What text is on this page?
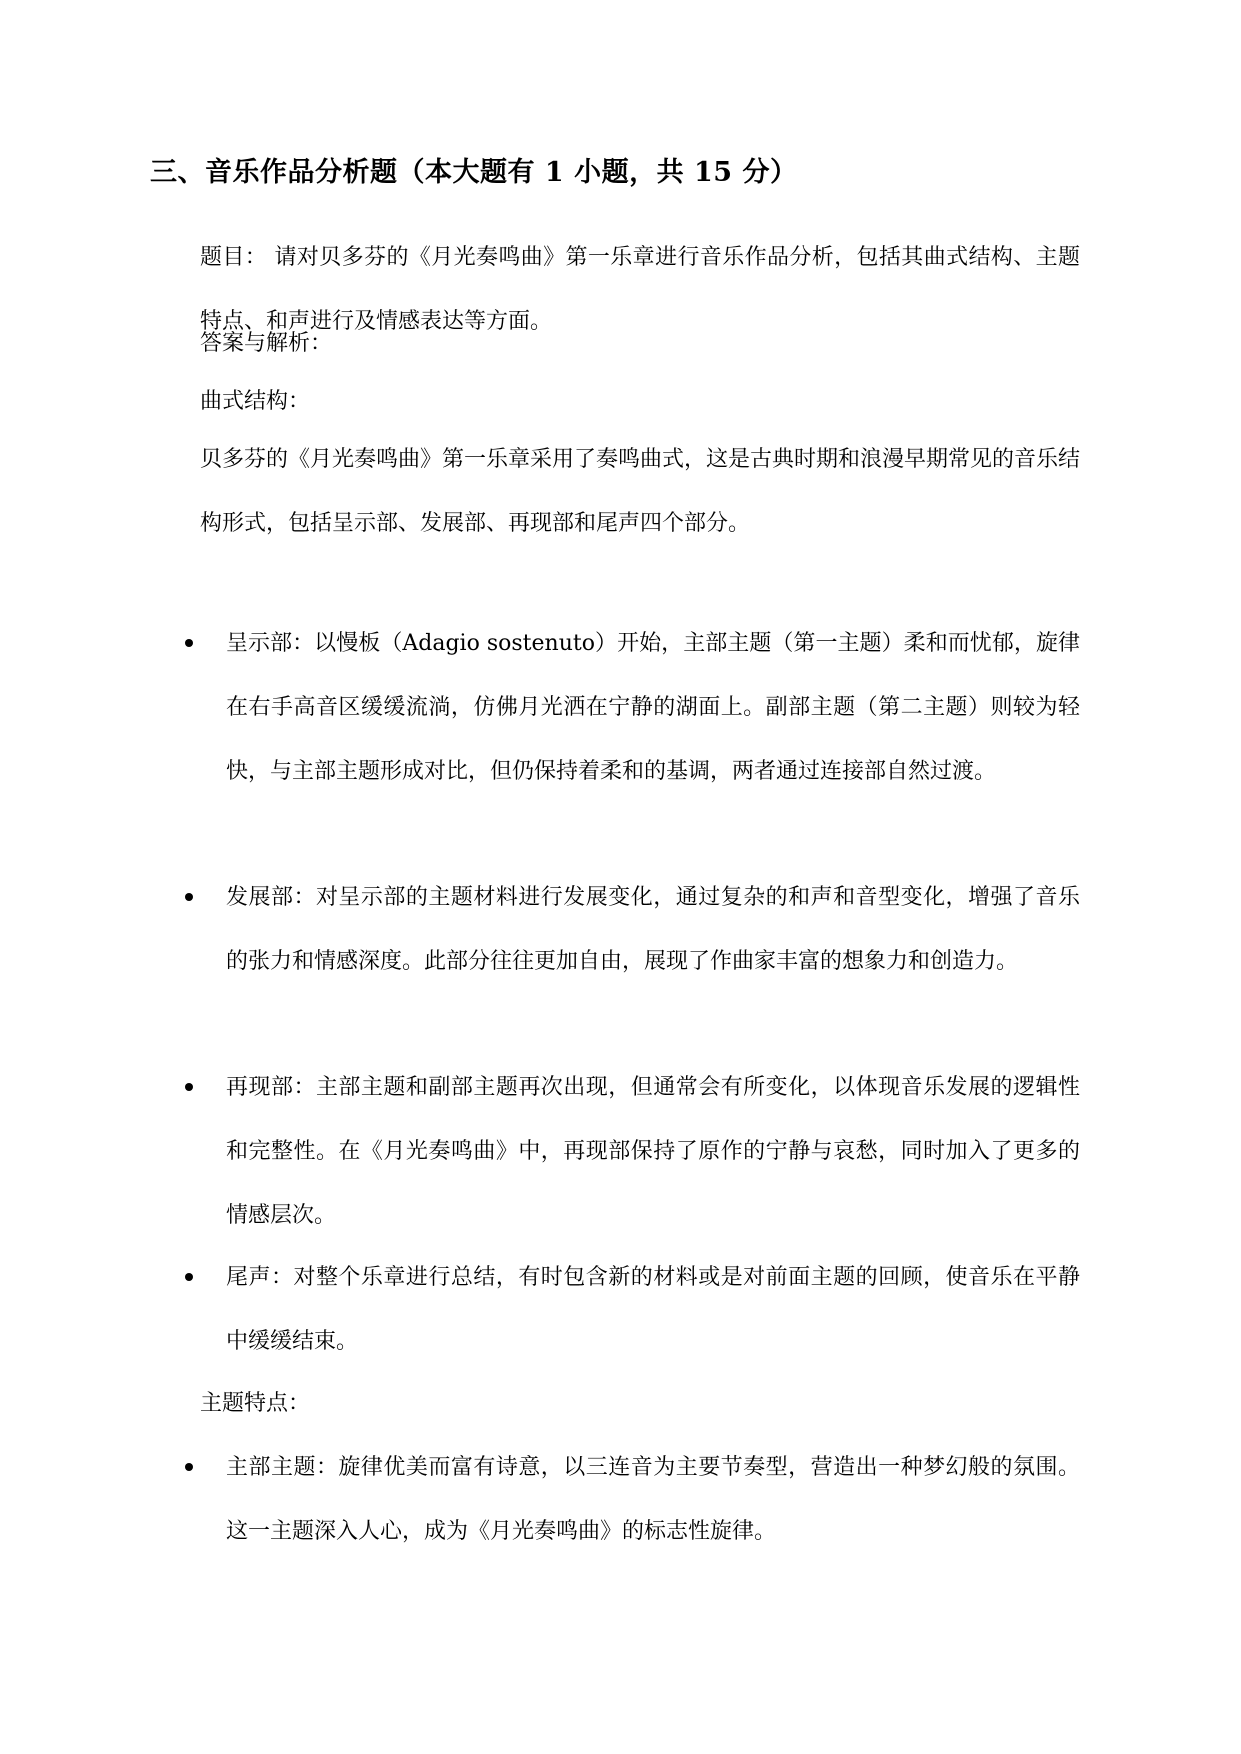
三、音乐作品分析题（本大题有 1 小题，共 15 分）
题目： 请对贝多芬的《月光奏鸣曲》第一乐章进行音乐作品分析，包括其曲式结构、主题特点、和声进行及情感表达等方面。
答案与解析：
曲式结构：
贝多芬的《月光奏鸣曲》第一乐章采用了奏鸣曲式，这是古典时期和浪漫早期常见的音乐结构形式，包括呈示部、发展部、再现部和尾声四个部分。
呈示部：以慢板（Adagio sostenuto）开始，主部主题（第一主题）柔和而忧郁，旋律在右手高音区缓缓流淌，仿佛月光洒在宁静的湖面上。副部主题（第二主题）则较为轻快，与主部主题形成对比，但仍保持着柔和的基调，两者通过连接部自然过渡。
发展部：对呈示部的主题材料进行发展变化，通过复杂的和声和音型变化，增强了音乐的张力和情感深度。此部分往往更加自由，展现了作曲家丰富的想象力和创造力。
再现部：主部主题和副部主题再次出现，但通常会有所变化，以体现音乐发展的逻辑性和完整性。在《月光奏鸣曲》中，再现部保持了原作的宁静与哀愁，同时加入了更多的情感层次。
尾声：对整个乐章进行总结，有时包含新的材料或是对前面主题的回顾，使音乐在平静中缓缓结束。
主题特点：
主部主题：旋律优美而富有诗意，以三连音为主要节奏型，营造出一种梦幻般的氛围。这一主题深入人心，成为《月光奏鸣曲》的标志性旋律。
